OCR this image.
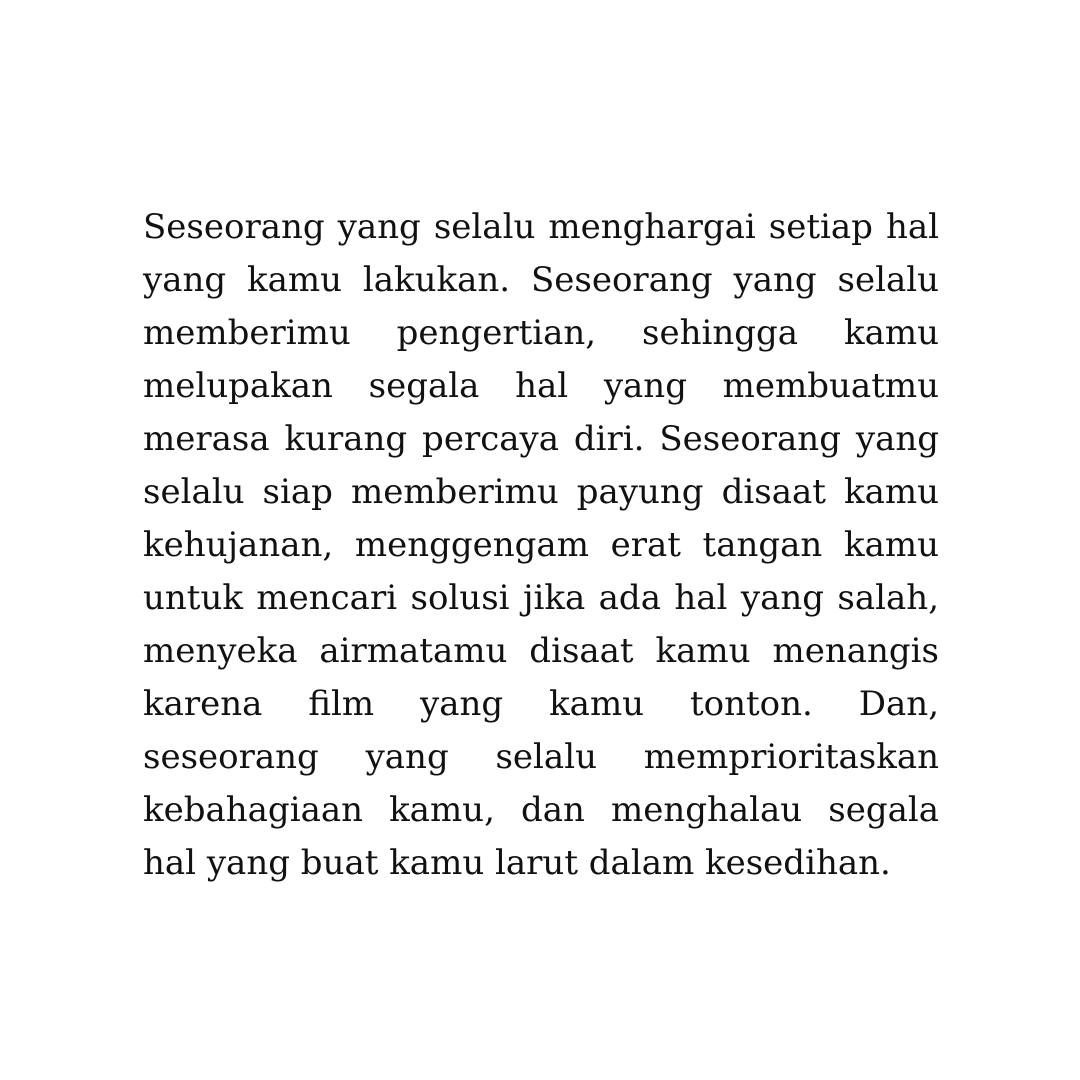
Seseorang yang selalu menghargai setiap hal yang kamu lakukan. Seseorang yang selalu memberimu pengertian, sehingga kamu melupakan segala hal yang membuatmu merasa kurang percaya diri. Seseorang yang selalu siap memberimu payung disaat kamu kehujanan, menggengam erat tangan kamu untuk mencari solusi jika ada hal yang salah, menyeka airmatamu disaat kamu menangis karena film yang kamu tonton. Dan, seseorang yang selalu memprioritaskan kebahagiaan kamu, dan menghalau segala hal yang buat kamu larut dalam kesedihan.
